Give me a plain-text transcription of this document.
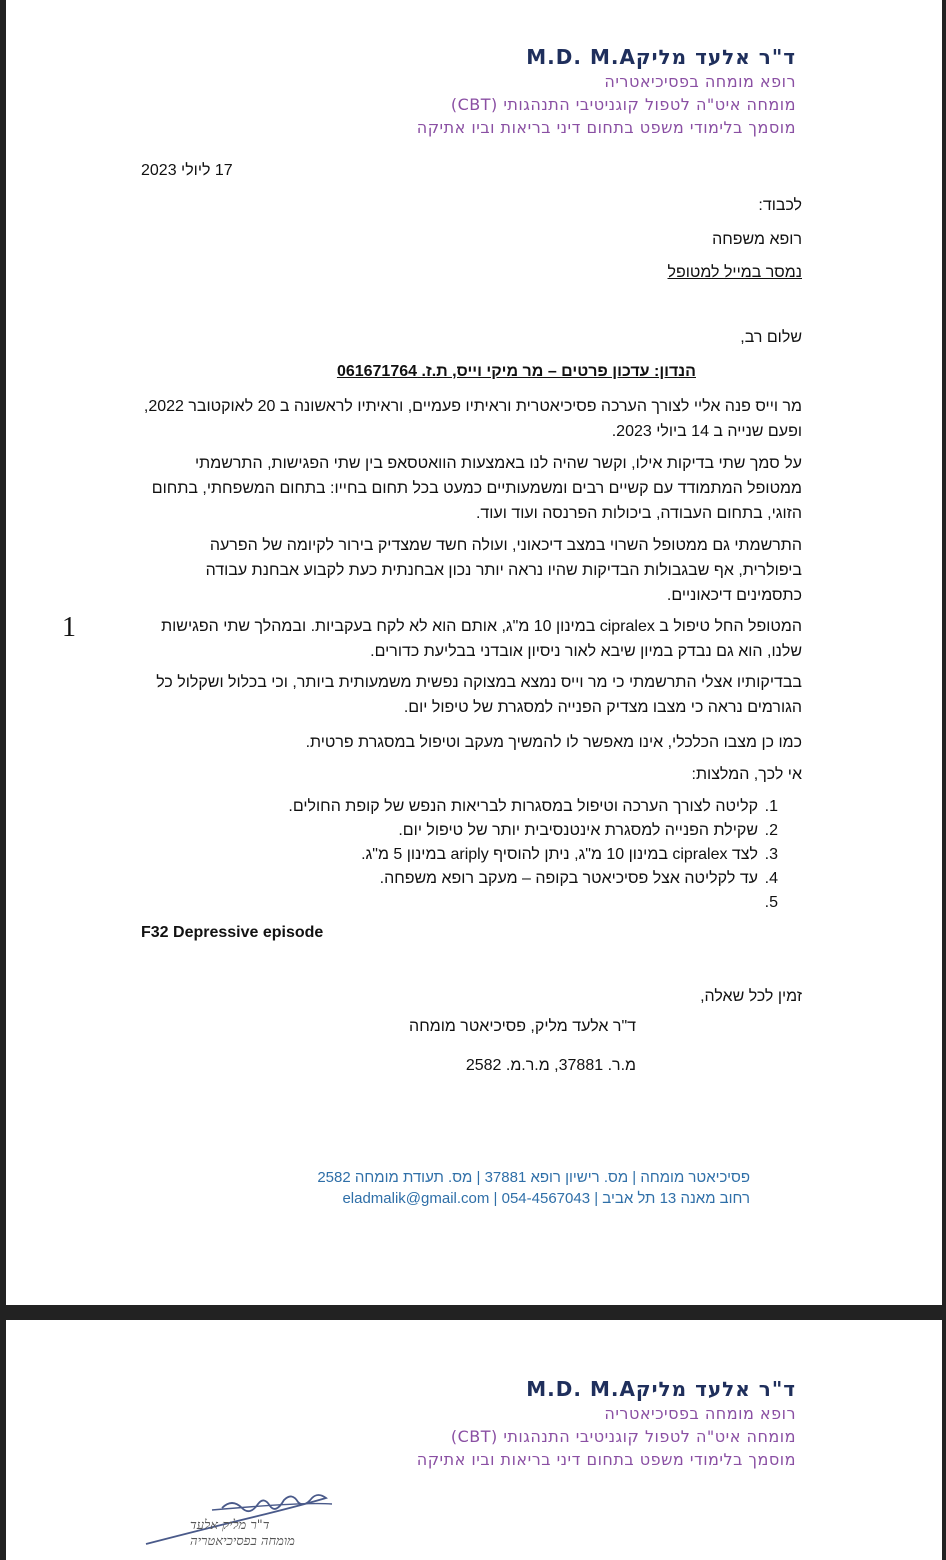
ד"ר אלעד מליקM.D. M.A
רופא מומחה בפסיכיאטריה
מומחה איט"ה לטפול קוגניטיבי התנהגותי (CBT)
מוסמך בלימודי משפט בתחום דיני בריאות וביו אתיקה
17 ליולי 2023
לכבוד:
רופא משפחה
נמסר במייל למטופל
שלום רב,
הנדון: עדכון פרטים – מר מיקי וייס, ת.ז. 061671764
מר וייס פנה אליי לצורך הערכה פסיכיאטרית וראיתיו פעמיים, וראיתיו לראשונה ב 20 לאוקטובר 2022, ופעם שנייה ב 14 ביולי 2023.
על סמך שתי בדיקות אילו, וקשר שהיה לנו באמצעות הוואטסאפ בין שתי הפגישות, התרשמתי ממטופל המתמודד עם קשיים רבים ומשמעותיים כמעט בכל תחום בחייו: בתחום המשפחתי, בתחום הזוגי, בתחום העבודה, ביכולות הפרנסה ועוד ועוד.
התרשמתי גם ממטופל השרוי במצב דיכאוני, ועולה חשד שמצדיק בירור לקיומה של הפרעה ביפולרית, אף שבגבולות הבדיקות שהיו נראה יותר נכון אבחנתית כעת לקבוע אבחנת עבודה כתסמינים דיכאוניים.
המטופל החל טיפול ב cipralex במינון 10 מ"ג, אותם הוא לא לקח בעקביות. ובמהלך שתי הפגישות שלנו, הוא גם נבדק במיון שיבא לאור ניסיון אובדני בבליעת כדורים.
בבדיקותיו אצלי התרשמתי כי מר וייס נמצא במצוקה נפשית משמעותית ביותר, וכי בכלול ושקלול כל הגורמים נראה כי מצבו מצדיק הפנייה למסגרת של טיפול יום.
כמו כן מצבו הכלכלי, אינו מאפשר לו להמשיך מעקב וטיפול במסגרת פרטית.
אי לכך, המלצות:
1
1.
קליטה לצורך הערכה וטיפול במסגרות לבריאות הנפש של קופת החולים.
2.
שקילת הפנייה למסגרת אינטנסיבית יותר של טיפול יום.
3.
לצד cipralex במינון 10 מ"ג, ניתן להוסיף ariply במינון 5 מ"ג.
4.
עד לקליטה אצל פסיכיאטר בקופה – מעקב רופא משפחה.
5.
F32 Depressive episode
זמין לכל שאלה,
ד"ר אלעד מליק, פסיכיאטר מומחה
מ.ר. 37881, מ.ר.מ. 2582
פסיכיאטר מומחה | מס. רישיון רופא 37881 | מס. תעודת מומחה 2582
רחוב מאנה 13 תל אביב | 054-4567043 | eladmalik@gmail.com
ד"ר אלעד מליקM.D. M.A
רופא מומחה בפסיכיאטריה
מומחה איט"ה לטפול קוגניטיבי התנהגותי (CBT)
מוסמך בלימודי משפט בתחום דיני בריאות וביו אתיקה
ד"ר מליק אלעד
מומחה בפסיכיאטריה
